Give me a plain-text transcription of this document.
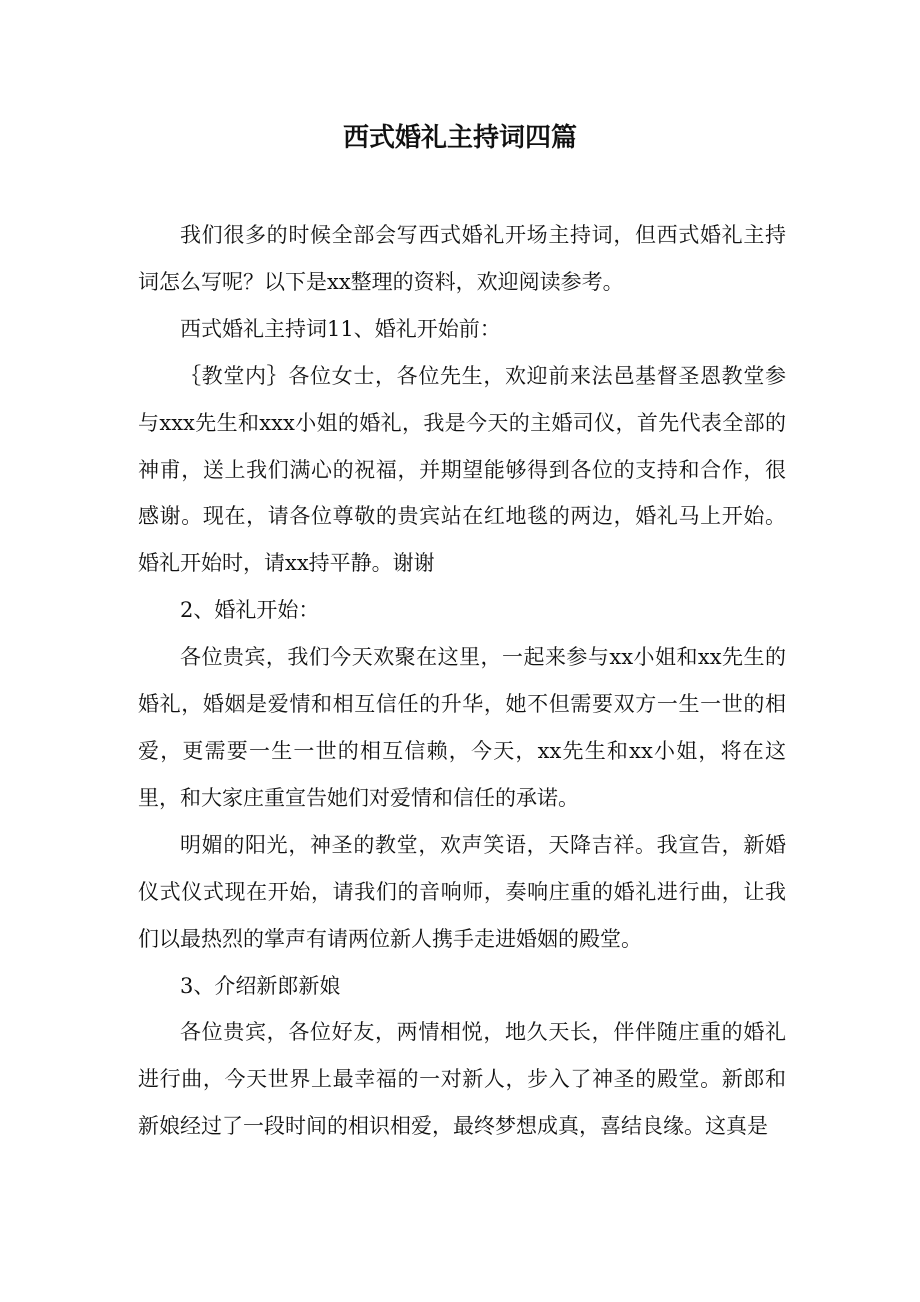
西式婚礼主持词四篇

我们很多的时候全部会写西式婚礼开场主持词，但西式婚礼主持词怎么写呢？以下是xx整理的资料，欢迎阅读参考。

西式婚礼主持词11、婚礼开始前：

｛教堂内｝各位女士，各位先生，欢迎前来法邑基督圣恩教堂参与xxx先生和xxx小姐的婚礼，我是今天的主婚司仪，首先代表全部的神甫，送上我们满心的祝福，并期望能够得到各位的支持和合作，很感谢。现在，请各位尊敬的贵宾站在红地毯的两边，婚礼马上开始。婚礼开始时，请xx持平静。谢谢

2、婚礼开始：

各位贵宾，我们今天欢聚在这里，一起来参与xx小姐和xx先生的婚礼，婚姻是爱情和相互信任的升华，她不但需要双方一生一世的相爱，更需要一生一世的相互信赖，今天，xx先生和xx小姐，将在这里，和大家庄重宣告她们对爱情和信任的承诺。

明媚的阳光，神圣的教堂，欢声笑语，天降吉祥。我宣告，新婚仪式仪式现在开始，请我们的音响师，奏响庄重的婚礼进行曲，让我们以最热烈的掌声有请两位新人携手走进婚姻的殿堂。

3、介绍新郎新娘

各位贵宾，各位好友，两情相悦，地久天长，伴伴随庄重的婚礼进行曲，今天世界上最幸福的一对新人，步入了神圣的殿堂。新郎和新娘经过了一段时间的相识相爱，最终梦想成真，喜结良缘。这真是
